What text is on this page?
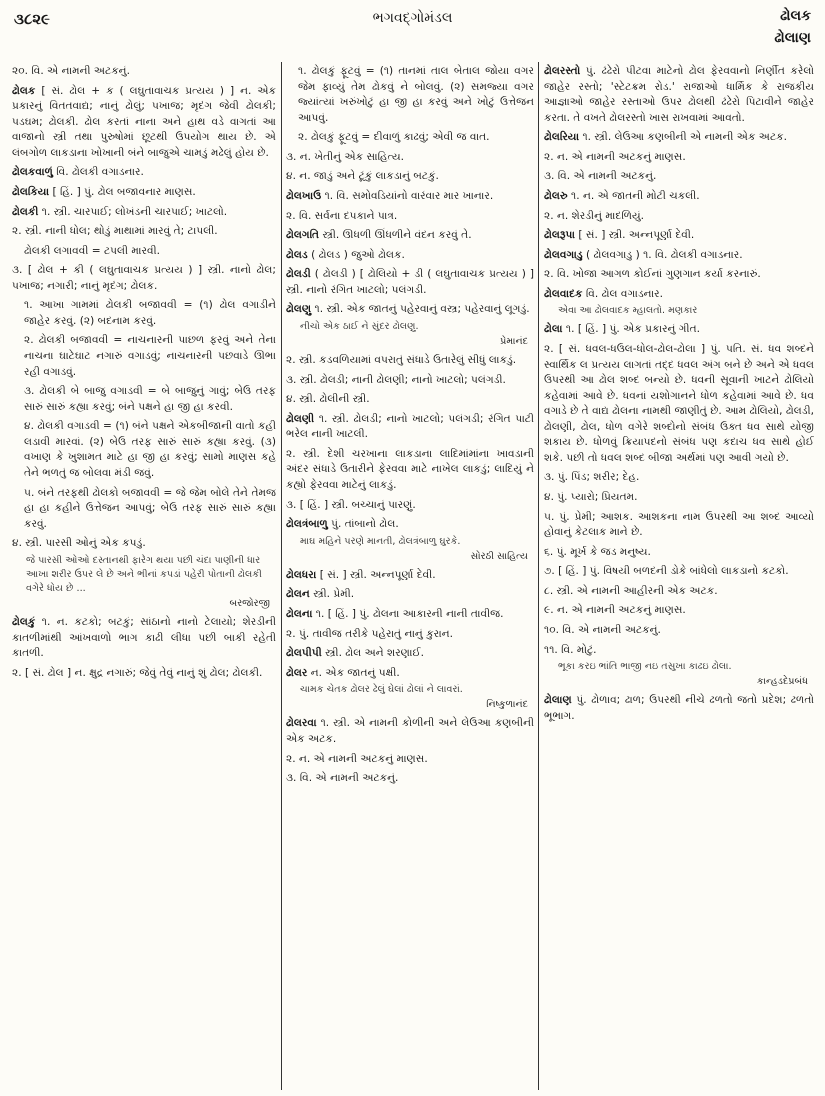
૩૮૨૯	ભગવદ્ગોમંડલ	ઢોલક
ઢોલાણ

૨૦. વિ. એ નામની અટકનું.

ઢોલક [ સં. ઢોલ + ક ( લઘુતાવાચક પ્રત્યય ) ] ન. એક પ્રકારનું વિતતવાદ્ય; નાનું ઢોલું; પખાજ; મૃદંગ જેવી ઢોલકી; પડઘમ; ઢોલકી. ઢોલ કરતાં નાના અને હાથ વડે વાગતાં આ વાજાનો સ્ત્રી તથા પુરુષોમાં છૂટથી ઉપયોગ થાય છે. એ લંબગોળ લાકડાના ખોખાની બંને બાજુએ ચામડું મઢેલું હોય છે.

ઢોલકવાળું વિ. ઢોલકી વગાડનાર.

ઢોલકિયા [ હિં. ] પું. ઢોલ બજાવનાર માણસ.

ઢોલકી ૧. સ્ત્રી. ચારપાઈ; લોખંડની ચારપાઈ; ખાટલો.

૨. સ્ત્રી. નાની ધોલ; થોડું માથામાં મારવું તે; ટાપલી.

ઢોલકી લગાવવી = ટપલી મારવી.

૩. [ ઢોલ + કી ( લઘુતાવાચક પ્રત્યય ) ] સ્ત્રી. નાનો ઢોલ; પખાજ; નગારી; નાનું મૃદંગ; ઢોલક.

૧. આખા ગામમાં ઢોલકી બજાવવી = (૧) ઢોલ વગાડીને જાહેર કરવું. (૨) બદનામ કરવું.

૨. ઢોલકી બજાવવી = નાચનારની પાછળ ફરવું અને તેના નાચના ઘાટેઘાટ નગારું વગાડવું; નાચનારની પછવાડે ઊભા રહી વગાડવું.

૩. ઢોલકી બે બાજુ વગાડવી = બે બાજુનું ગાવું; બેઉ તરફ સારું સારું કહ્યા કરવું; બંને પક્ષને હા જી હા કરવી.

૪. ઢોલકી વગાડવી = (૧) બંને પક્ષને એકબીજાની વાતો કહી લડાવી મારવાં. (૨) બેઉ તરફ સારું સારું કહ્યા કરવું. (૩) વખાણ કે ખુશામત માટે હા જી હા કરવું; સામો માણસ કહે તેને ભળતું જ બોલવા મંડી જવું.

૫. બંને તરફથી ઢોલકો બજાવવી = જે જેમ બોલે તેને તેમજ હા હા કહીને ઉત્તેજન આપવું; બેઉ તરફ સારું સારું કહ્યા કરવું.

૪. સ્ત્રી. પારસી ઓનું એક કપડું.

જે પારસી ઓઓ દસ્તાનથી ફારેગ થયા પછી ચંદા પાણીની ધાર આખા શરીર ઉપર લે છે અને ભીનાં કપડાં પહેરી પોતાની ઢોલકી વગેરે ધોય છે ...

બરજોરજી

ઢોલકું ૧. ન. કટકો; બટકું; સાંઠાનો નાનો ટેલાયો; શેરડીની કાતળીમાંથી આંખવાળો ભાગ કાઢી લીધા પછી બાકી રહેતી કાતળી.

૨. [ સં. ઢોલ ] ન. ક્ષુદ્ર નગારું; જેવું તેવું નાનું શું ઢોલ; ઢોલકી.

૧. ઢોલકું ફૂટવું = (૧) તાનમાં તાલ બેતાલ જોયા વગર જેમ ફાવ્યું તેમ ઢોકવું ને બોલવું. (૨) સમજ્યા વગર જ્યાંત્યાં ખરુંખોટું હા જી હા કરવું અને ખોટું ઉત્તેજન આપવું.

૨. ઢોલકું ફૂટવું = દીવાળું કાઢવું; એવી જ વાત.

૩. ન. ખેતીનું એક સાહિત્ય.

૪. ન. જાડું અને ટૂંકું લાકડાનું બટકું.

ઢોલખાઉ ૧. વિ. સમોવડિયાંનો વારંવાર માર ખાનાર.

૨. વિ. સર્વના દપકાને પાત્ર.

ઢોલગતિ સ્ત્રી. ઊધળી ઊંધળીને વંદન કરવું તે.

ઢોલડ ( ઢોલડ ) જુઓ ઢોલક.

ઢોલડી ( ઢોલડી ) [ ઢોલિયો + ડી ( લઘુતાવાચક પ્રત્યય ) ] સ્ત્રી. નાનો રંગિત ખાટલો; પલંગડી.

ઢોલણુ ૧. સ્ત્રી. એક જાતનું પહેરવાનું વસ્ત્ર; પહેરવાનું લૂગડું.

નીચો એક ઠાઈ ને સુંદર ઢોલણુ.

પ્રેમાનંદ

૨. સ્ત્રી. કડવળિયામાં વપરાતું સંધાડે ઉતારેલું સીધું લાકડું.

૩. સ્ત્રી. ઢોલડી; નાની ઢોલણી; નાનો ખાટલો; પલંગડી.

૪. સ્ત્રી. ઢોલીની સ્ત્રી.

ઢોલણી ૧. સ્ત્રી. ઢોલડી; નાનો ખાટલો; પલંગડી; રંગિત પાટી ભરેલ નાની ખાટલી.

૨. સ્ત્રી. દેશી ચરખાના લાકડાના લાદિમાંમાંના ખાવડાની અંદર સંધાડે ઉતારીને ફેરવવા માટે નાખેલ લાકડું; લાદિયું ને કહ્યો ફેરવવા માટેનું લાકડું.

૩. [ હિં. ] સ્ત્રી. બચ્ચાનું પારણું.

ઢોલત્રંબાળુ પું. તાંબાનો ઢોલ.

માઘ મહિને પરણે માનતી, ઢોલત્રંબાળુ ઘુરકે.

સોરઠી સાહિત્ય

ઢોલધરા [ સં. ] સ્ત્રી. અન્નપૂર્ણા દેવી.

ઢોલન સ્ત્રી. પ્રેમી.

ઢોલના ૧. [ હિં. ] પું. ઢોલના આકારની નાની તાવીજ.

૨. પું. તાવીજ તરીકે પહેરાતું નાનું કુરાન.

ઢોલપીપી સ્ત્રી. ઢોલ અને શરણાઈ.

ઢોલર ન. એક જાતનું પક્ષી.

ચામક ચેતક ઢોલર ઢેલું ઘેલાં ઢોલાં ને લાવરાં.

નિષ્કુળાનંદ

ઢોલરવા ૧. સ્ત્રી. એ નામની કોળીની અને લેઉઆ કણબીની એક અટક.

૨. ન. એ નામની અટકનું માણસ.

૩. વિ. એ નામની અટકનું.

ઢોલરસ્તો પું. ઢંઢેરો પીટવા માટેનો ઢોલ ફેરવવાનો નિર્ણીત કરેલો જાહેર રસ્તો; 'સ્ટેટક્રમ રોડ.' રાજાઓ ધાર્મિક કે રાજકીય આજ્ઞાઓ જાહેર રસ્તાઓ ઉપર ઢોલથી ઢંઢેરો પિટાવીને જાહેર કરતા. તે વખતે ઢોલરસ્તો ખાસ રાખવામાં આવતો.

ઢોલરિયા ૧. સ્ત્રી. લેઉઆ કણબીની એ નામની એક અટક.

૨. ન. એ નામની અટકનું માણસ.

૩. વિ. એ નામની અટકનું.

ઢોલરુ ૧. ન. એ જાતની મોટી ચકલી.

૨. ન. શેરડીનું માદળિયું.

ઢોલરૂપા [ સં. ] સ્ત્રી. અન્નપૂર્ણા દેવી.

ઢોલવગાડુ ( ઢોલવગાડુ ) ૧. વિ. ઢોલકી વગાડનાર.

૨. વિ. ખોજા આગળ કોઈનાં ગુણગાન કર્યા કરનારું.

ઢોલવાદક વિ. ઢોલ વગાડનાર.

એવા આ ઢોલવાદક મ્હાલતો. મણકાર

ઢોલા ૧. [ હિં. ] પું. એક પ્રકારનું ગીત.

૨. [ સં. ધવલ-ધઉલ-ધોલ-ઢોલ-ઢોલા ] પું. પતિ. સં. ધવ શબ્દને સ્વાર્થિક લ પ્રત્યય લાગતાં તદ્દ ધવલ અંગ બને છે અને એ ધવલ ઉપરથી આ ઢોલ શબ્દ બન્યો છે. ધવની સૂવાની ખાટને ઢોલિયો કહેવામાં આવે છે. ધવનાં યશોગાનને ધોળ કહેવામાં આવે છે. ધવ વગાડે છે તે વાદ્ય ઢોલના નામથી જાણીતું છે. આમ ઢોલિયો, ઢોલડી, ઢોલણી, ઢોલ, ધોળ વગેરે શબ્દોનો સંબંધ ઉક્ત ધવ સાથે યોજી શકાય છે. ધોળવું ક્રિયાપદનો સંબંધ પણ કદાચ ધવ સાથે હોઈ શકે. પછી તો ધવલ શબ્દ બીજા અર્થમાં પણ આવી ગયો છે.

૩. પું. પિંડ; શરીર; દેહ.

૪. પું. પ્યારો; પ્રિયતમ.

૫. પું. પ્રેમી; આશક. આશકના નામ ઉપરથી આ શબ્દ આવ્યો હોવાનું કેટલાક માને છે.

૬. પું. મૂર્ખ કે જડ મનુષ્ય.

૭. [ હિં. ] પું. વિષયી બળદની ડોકે બાંધેલો લાકડાનો કટકો.

૮. સ્ત્રી. એ નામની આહીરની એક અટક.

૯. ન. એ નામની અટકનું માણસ.

૧૦. વિ. એ નામની અટકનું.

૧૧. વિ. મોટું.

ભૂકા કરઇ ભાંતિ ભાજી નઇ તસુખા કાઢઇ ઢોલા.

કાન્હડદેપ્રબંધ

ઢોલાણ પું. ઢોળાવ; ઢાળ; ઉપરથી નીચે ઢળતો જતો પ્રદેશ; ઢળતો ભૂભાગ.
